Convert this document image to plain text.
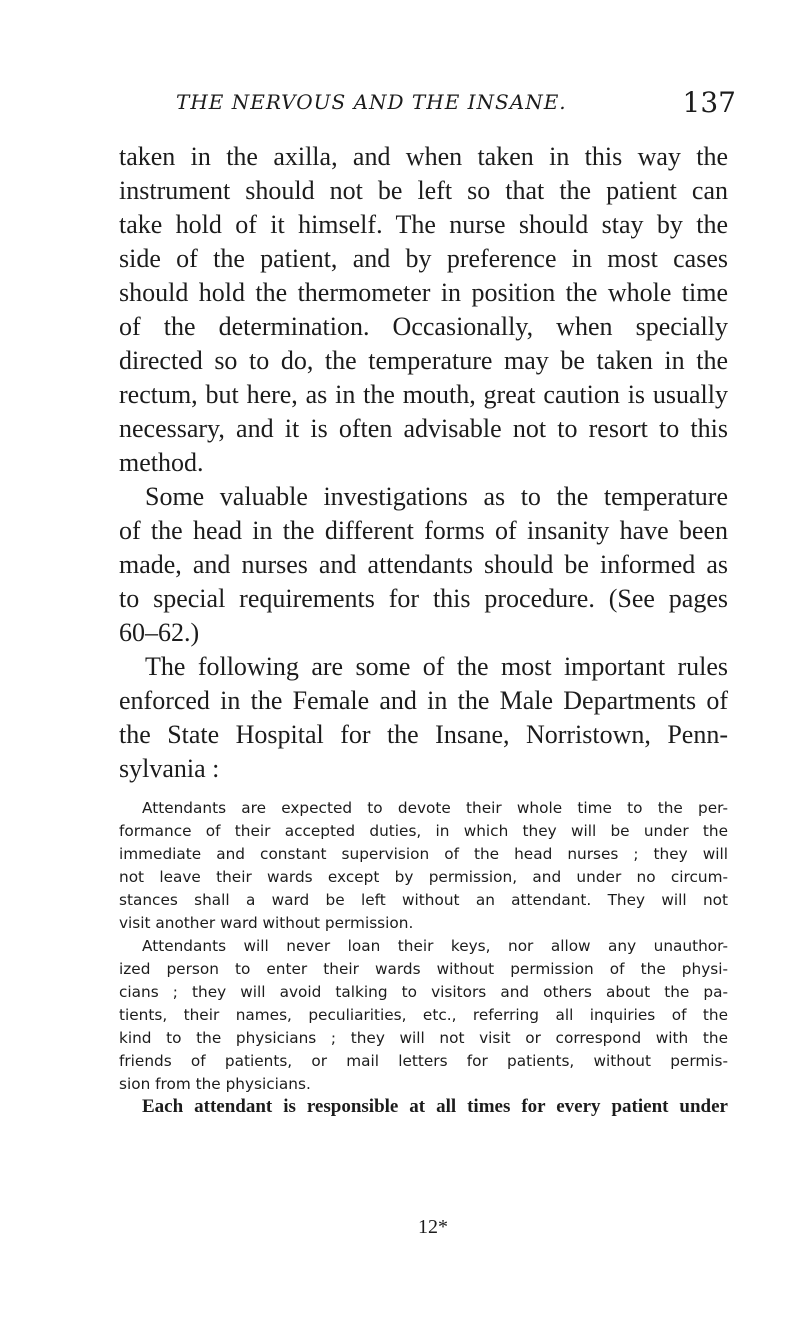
THE NERVOUS AND THE INSANE.	137
taken in the axilla, and when taken in this way the
instrument should not be left so that the patient can
take hold of it himself. The nurse should stay by the
side of the patient, and by preference in most cases
should hold the thermometer in position the whole time
of the determination. Occasionally, when specially
directed so to do, the temperature may be taken in the
rectum, but here, as in the mouth, great caution is usually
necessary, and it is often advisable not to resort to this
method.
Some valuable investigations as to the temperature
of the head in the different forms of insanity have been
made, and nurses and attendants should be informed as
to special requirements for this procedure. (See pages
60–62.)
The following are some of the most important rules
enforced in the Female and in the Male Departments of
the State Hospital for the Insane, Norristown, Penn-
sylvania :
Attendants are expected to devote their whole time to the per-
formance of their accepted duties, in which they will be under the
immediate and constant supervision of the head nurses ; they will
not leave their wards except by permission, and under no circum-
stances shall a ward be left without an attendant. They will not
visit another ward without permission.
Attendants will never loan their keys, nor allow any unauthor-
ized person to enter their wards without permission of the physi-
cians ; they will avoid talking to visitors and others about the pa-
tients, their names, peculiarities, etc., referring all inquiries of the
kind to the physicians ; they will not visit or correspond with the
friends of patients, or mail letters for patients, without permis-
sion from the physicians.
Each attendant is responsible at all times for every patient under
12*
